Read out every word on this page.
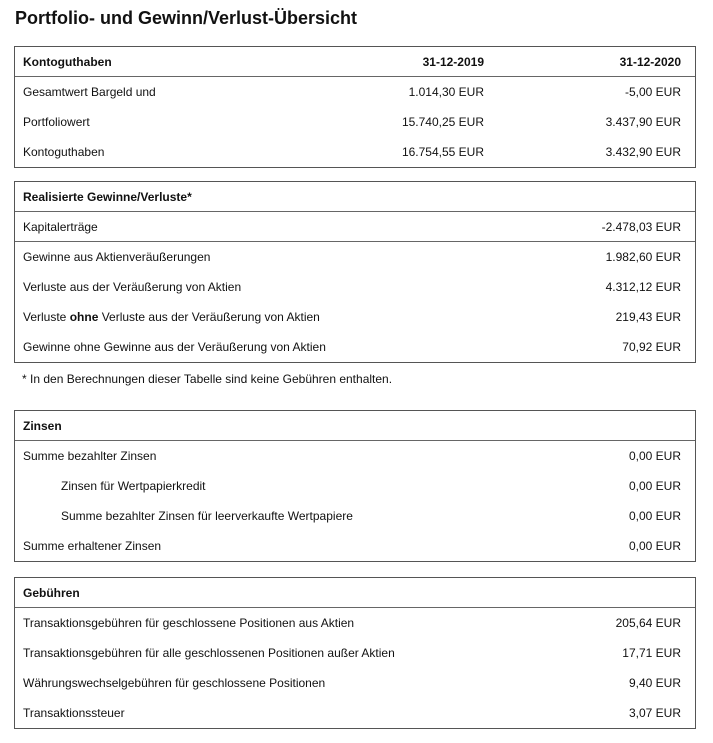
Portfolio- und Gewinn/Verlust-Übersicht
Kontoguthaben	31-12-2019	31-12-2020
Gesamtwert Bargeld und	1.014,30 EUR	-5,00 EUR
Portfoliowert	15.740,25 EUR	3.437,90 EUR
Kontoguthaben	16.754,55 EUR	3.432,90 EUR
Realisierte Gewinne/Verluste*
Kapitalerträge	-2.478,03 EUR
Gewinne aus Aktienveräußerungen	1.982,60 EUR
Verluste aus der Veräußerung von Aktien	4.312,12 EUR
Verluste ohne Verluste aus der Veräußerung von Aktien	219,43 EUR
Gewinne ohne Gewinne aus der Veräußerung von Aktien	70,92 EUR
* In den Berechnungen dieser Tabelle sind keine Gebühren enthalten.
Zinsen
Summe bezahlter Zinsen	0,00 EUR
Zinsen für Wertpapierkredit	0,00 EUR
Summe bezahlter Zinsen für leerverkaufte Wertpapiere	0,00 EUR
Summe erhaltener Zinsen	0,00 EUR
Gebühren
Transaktionsgebühren für geschlossene Positionen aus Aktien	205,64 EUR
Transaktionsgebühren für alle geschlossenen Positionen außer Aktien	17,71 EUR
Währungswechselgebühren für geschlossene Positionen	9,40 EUR
Transaktionssteuer	3,07 EUR
